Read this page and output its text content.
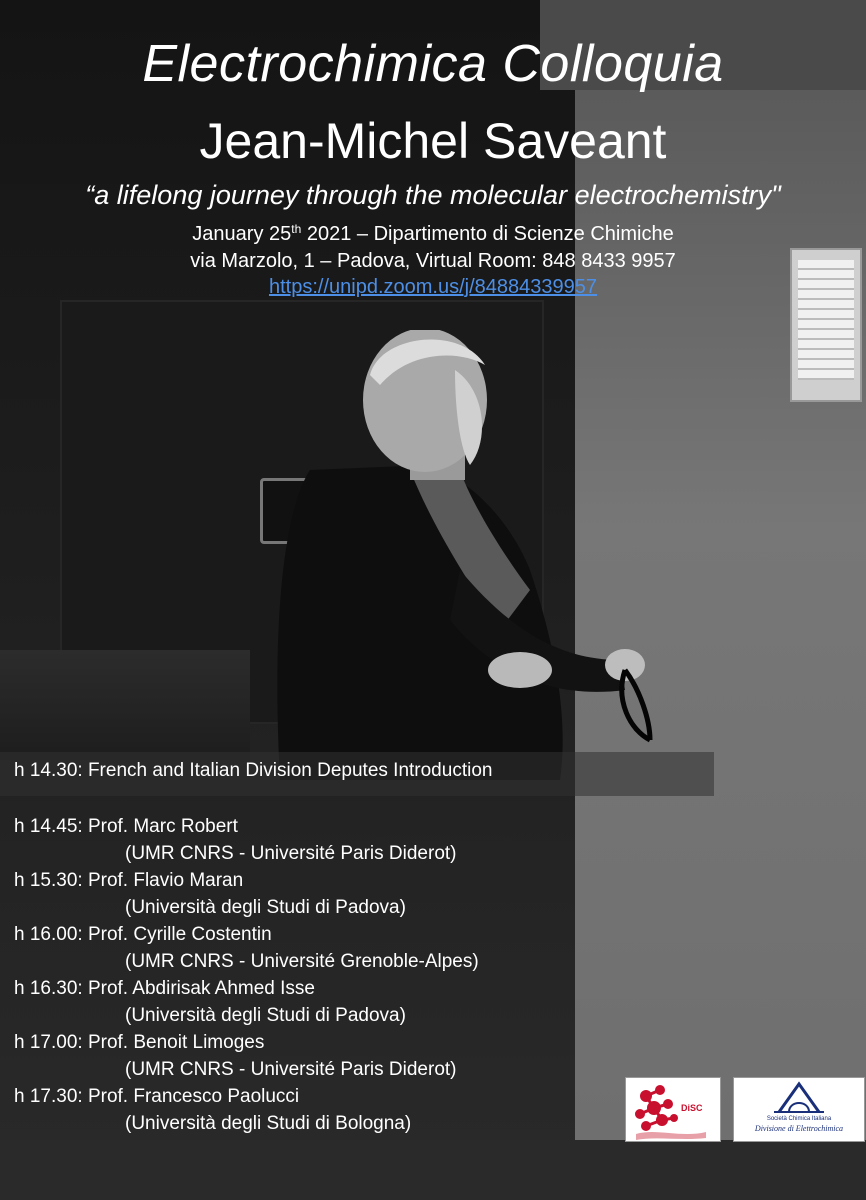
Electrochimica Colloquia
Jean-Michel Saveant
“a lifelong journey through the molecular electrochemistry"
January 25th 2021 – Dipartimento di Scienze Chimiche
via Marzolo, 1 – Padova, Virtual Room: 848 8433 9957
https://unipd.zoom.us/j/84884339957
h 14.30: French and Italian Division Deputes Introduction
h 14.45: Prof. Marc Robert
(UMR CNRS - Université Paris Diderot)
h 15.30: Prof. Flavio Maran
(Università degli Studi di Padova)
h 16.00: Prof. Cyrille Costentin
(UMR CNRS - Université Grenoble-Alpes)
h 16.30: Prof. Abdirisak Ahmed Isse
(Università degli Studi di Padova)
h 17.00: Prof. Benoit Limoges
(UMR CNRS - Université Paris Diderot)
h 17.30: Prof. Francesco Paolucci
(Università degli Studi di Bologna)
DiSC
Società Chimica Italiana
Divisione di Elettrochimica
